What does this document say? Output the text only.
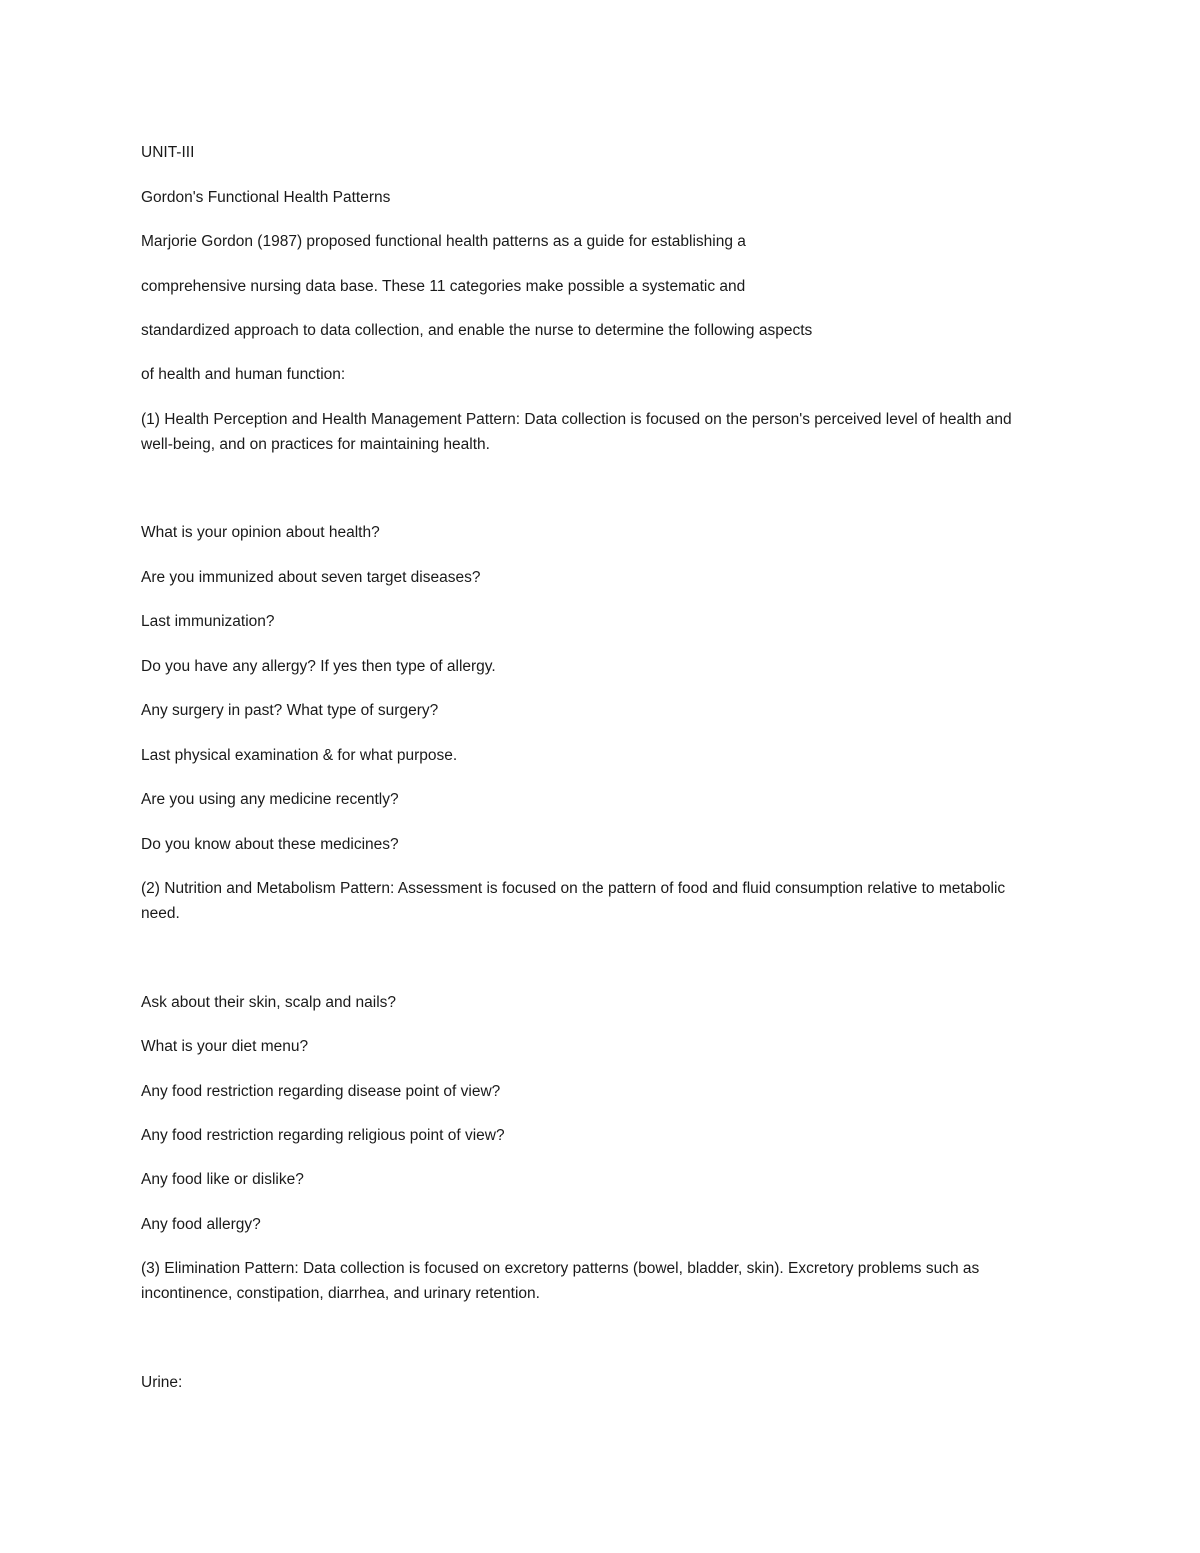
UNIT-III
Gordon's Functional Health Patterns
Marjorie Gordon (1987) proposed functional health patterns as a guide for establishing a
comprehensive nursing data base. These 11 categories make possible a systematic and
standardized approach to data collection, and enable the nurse to determine the following aspects
of health and human function:
(1) Health Perception and Health Management Pattern: Data collection is focused on the person's perceived level of health and
well-being, and on practices for maintaining health.
What is your opinion about health?
Are you immunized about seven target diseases?
Last immunization?
Do you have any allergy? If yes then type of allergy.
Any surgery in past? What type of surgery?
Last physical examination & for what purpose.
Are you using any medicine recently?
Do you know about these medicines?
(2) Nutrition and Metabolism Pattern: Assessment is focused on the pattern of food and fluid consumption relative to metabolic
need.
Ask about their skin, scalp and nails?
What is your diet menu?
Any food restriction regarding disease point of view?
Any food restriction regarding religious point of view?
Any food like or dislike?
Any food allergy?
(3) Elimination Pattern: Data collection is focused on excretory patterns (bowel, bladder, skin). Excretory problems such as
incontinence, constipation, diarrhea, and urinary retention.
Urine:
